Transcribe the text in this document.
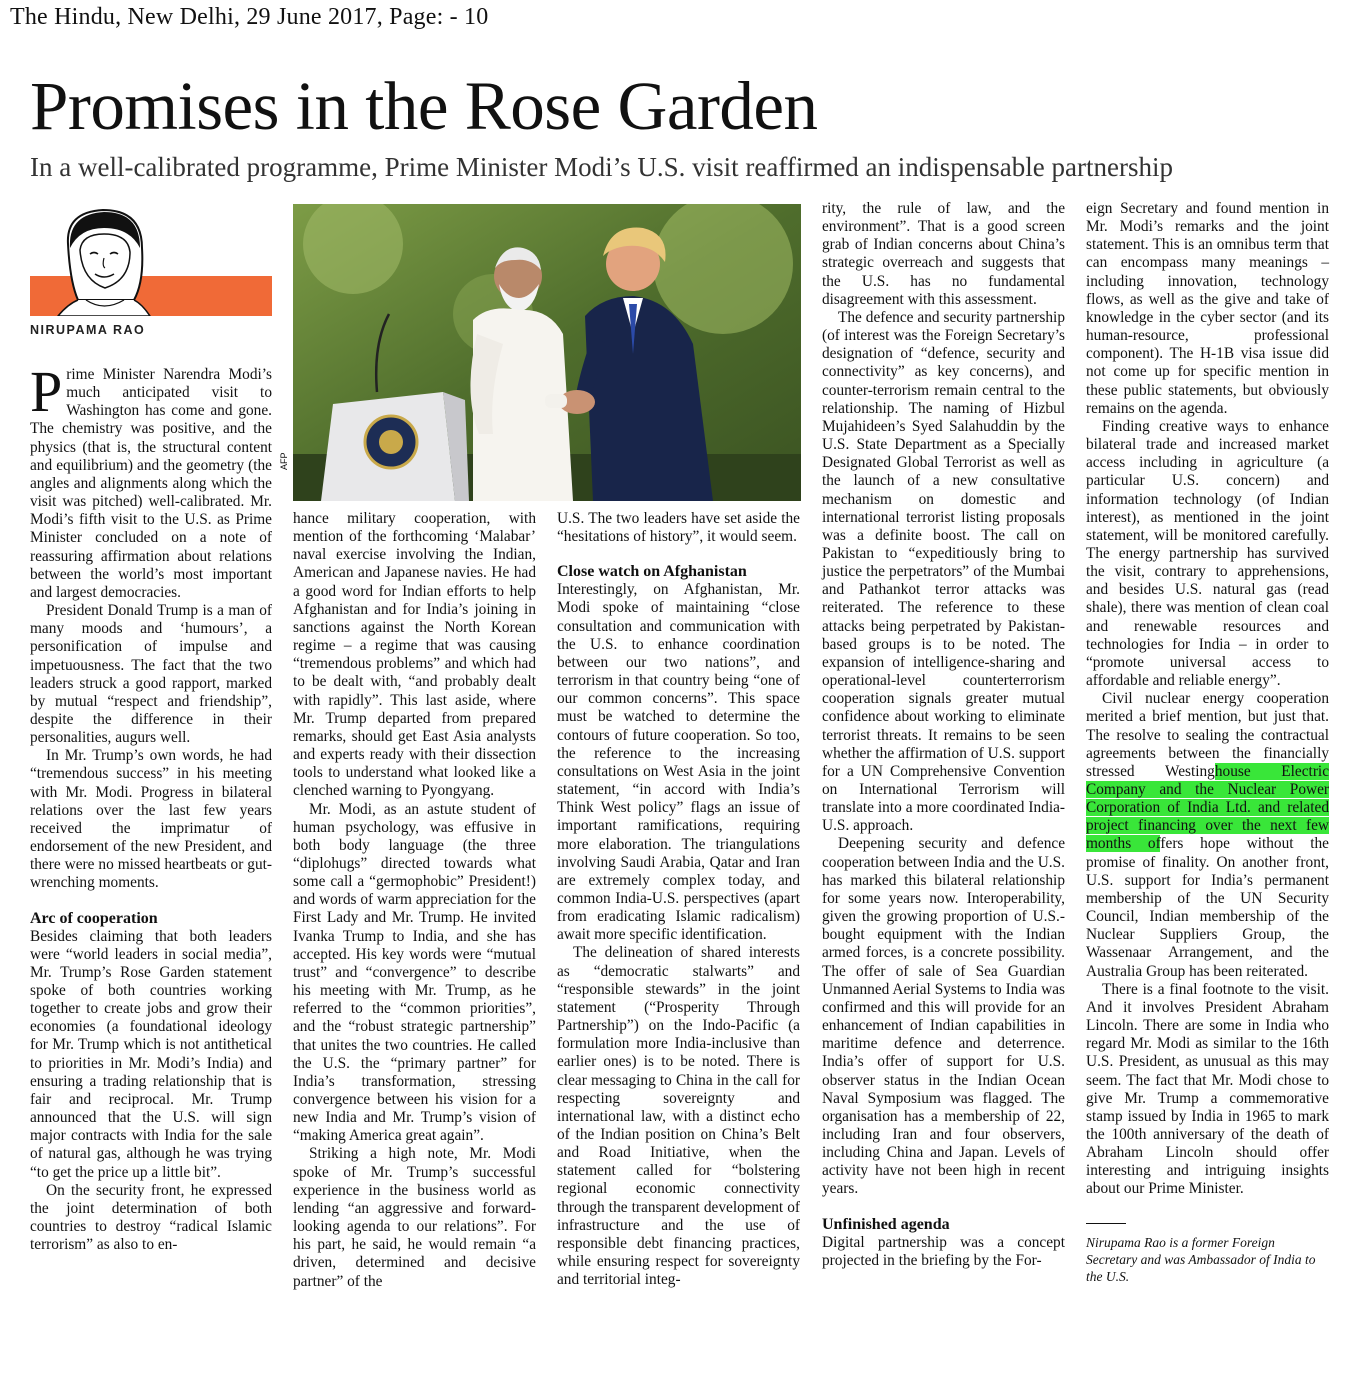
The Hindu, New Delhi, 29 June 2017, Page: - 10
Promises in the Rose Garden
In a well-calibrated programme, Prime Minister Modi’s U.S. visit reaffirmed an indispensable partnership
NIRUPAMA RAO
AFP

Prime Minister Narendra Modi’s much anticipated visit to Washington has come and gone. The chemistry was positive, and the physics (that is, the structural content and equilibrium) and the geometry (the angles and alignments along which the visit was pitched) well-calibrated. Mr. Modi’s fifth visit to the U.S. as Prime Minister concluded on a note of reassuring affirmation about relations between the world’s most important and largest democracies.

President Donald Trump is a man of many moods and ‘humours’, a personification of impulse and impetuousness. The fact that the two leaders struck a good rapport, marked by mutual “respect and friendship”, despite the difference in their personalities, augurs well.

In Mr. Trump’s own words, he had “tremendous success” in his meeting with Mr. Modi. Progress in bilateral relations over the last few years received the imprimatur of endorsement of the new President, and there were no missed heartbeats or gut-wrenching moments.

Arc of cooperation

Besides claiming that both leaders were “world leaders in social media”, Mr. Trump’s Rose Garden statement spoke of both countries working together to create jobs and grow their economies (a foundational ideology for Mr. Trump which is not antithetical to priorities in Mr. Modi’s India) and ensuring a trading relationship that is fair and reciprocal. Mr. Trump announced that the U.S. will sign major contracts with India for the sale of natural gas, although he was trying “to get the price up a little bit”.

On the security front, he expressed the joint determination of both countries to destroy “radical Islamic terrorism” as also to en-

hance military cooperation, with mention of the forthcoming ‘Malabar’ naval exercise involving the Indian, American and Japanese navies. He had a good word for Indian efforts to help Afghanistan and for India’s joining in sanctions against the North Korean regime – a regime that was causing “tremendous problems” and which had to be dealt with, “and probably dealt with rapidly”. This last aside, where Mr. Trump departed from prepared remarks, should get East Asia analysts and experts ready with their dissection tools to understand what looked like a clenched warning to Pyongyang.

Mr. Modi, as an astute student of human psychology, was effusive in both body language (the three “diplohugs” directed towards what some call a “germophobic” President!) and words of warm appreciation for the First Lady and Mr. Trump. He invited Ivanka Trump to India, and she has accepted. His key words were “mutual trust” and “convergence” to describe his meeting with Mr. Trump, as he referred to the “common priorities”, and the “robust strategic partnership” that unites the two countries. He called the U.S. the “primary partner” for India’s transformation, stressing convergence between his vision for a new India and Mr. Trump’s vision of “making America great again”.

Striking a high note, Mr. Modi spoke of Mr. Trump’s successful experience in the business world as lending “an aggressive and forward-looking agenda to our relations”. For his part, he said, he would remain “a driven, determined and decisive partner” of the

U.S. The two leaders have set aside the “hesitations of history”, it would seem.

Close watch on Afghanistan

Interestingly, on Afghanistan, Mr. Modi spoke of maintaining “close consultation and communication with the U.S. to enhance coordination between our two nations”, and terrorism in that country being “one of our common concerns”. This space must be watched to determine the contours of future cooperation. So too, the reference to the increasing consultations on West Asia in the joint statement, “in accord with India’s Think West policy” flags an issue of important ramifications, requiring more elaboration. The triangulations involving Saudi Arabia, Qatar and Iran are extremely complex today, and common India-U.S. perspectives (apart from eradicating Islamic radicalism) await more specific identification.

The delineation of shared interests as “democratic stalwarts” and “responsible stewards” in the joint statement (“Prosperity Through Partnership”) on the Indo-Pacific (a formulation more India-inclusive than earlier ones) is to be noted. There is clear messaging to China in the call for respecting sovereignty and international law, with a distinct echo of the Indian position on China’s Belt and Road Initiative, when the statement called for “bolstering regional economic connectivity through the transparent development of infrastructure and the use of responsible debt financing practices, while ensuring respect for sovereignty and territorial integ-

rity, the rule of law, and the environment”. That is a good screen grab of Indian concerns about China’s strategic overreach and suggests that the U.S. has no fundamental disagreement with this assessment.

The defence and security partnership (of interest was the Foreign Secretary’s designation of “defence, security and connectivity” as key concerns), and counter-terrorism remain central to the relationship. The naming of Hizbul Mujahideen’s Syed Salahuddin by the U.S. State Department as a Specially Designated Global Terrorist as well as the launch of a new consultative mechanism on domestic and international terrorist listing proposals was a definite boost. The call on Pakistan to “expeditiously bring to justice the perpetrators” of the Mumbai and Pathankot terror attacks was reiterated. The reference to these attacks being perpetrated by Pakistan-based groups is to be noted. The expansion of intelligence-sharing and operational-level counterterrorism cooperation signals greater mutual confidence about working to eliminate terrorist threats. It remains to be seen whether the affirmation of U.S. support for a UN Comprehensive Convention on International Terrorism will translate into a more coordinated India-U.S. approach.

Deepening security and defence cooperation between India and the U.S. has marked this bilateral relationship for some years now. Interoperability, given the growing proportion of U.S.-bought equipment with the Indian armed forces, is a concrete possibility. The offer of sale of Sea Guardian Unmanned Aerial Systems to India was confirmed and this will provide for an enhancement of Indian capabilities in maritime defence and deterrence. India’s offer of support for U.S. observer status in the Indian Ocean Naval Symposium was flagged. The organisation has a membership of 22, including Iran and four observers, including China and Japan. Levels of activity have not been high in recent years.

Unfinished agenda

Digital partnership was a concept projected in the briefing by the For-

eign Secretary and found mention in Mr. Modi’s remarks and the joint statement. This is an omnibus term that can encompass many meanings – including innovation, technology flows, as well as the give and take of knowledge in the cyber sector (and its human-resource, professional component). The H-1B visa issue did not come up for specific mention in these public statements, but obviously remains on the agenda.

Finding creative ways to enhance bilateral trade and increased market access including in agriculture (a particular U.S. concern) and information technology (of Indian interest), as mentioned in the joint statement, will be monitored carefully. The energy partnership has survived the visit, contrary to apprehensions, and besides U.S. natural gas (read shale), there was mention of clean coal and renewable resources and technologies for India – in order to “promote universal access to affordable and reliable energy”.

Civil nuclear energy cooperation merited a brief mention, but just that. The resolve to sealing the contractual agreements between the financially stressed Westinghouse Electric Company and the Nuclear Power Corporation of India Ltd. and related project financing over the next few months offers hope without the promise of finality. On another front, U.S. support for India’s permanent membership of the UN Security Council, Indian membership of the Nuclear Suppliers Group, the Wassenaar Arrangement, and the Australia Group has been reiterated.

There is a final footnote to the visit. And it involves President Abraham Lincoln. There are some in India who regard Mr. Modi as similar to the 16th U.S. President, as unusual as this may seem. The fact that Mr. Modi chose to give Mr. Trump a commemorative stamp issued by India in 1965 to mark the 100th anniversary of the death of Abraham Lincoln should offer interesting and intriguing insights about our Prime Minister.

Nirupama Rao is a former Foreign Secretary and was Ambassador of India to the U.S.
